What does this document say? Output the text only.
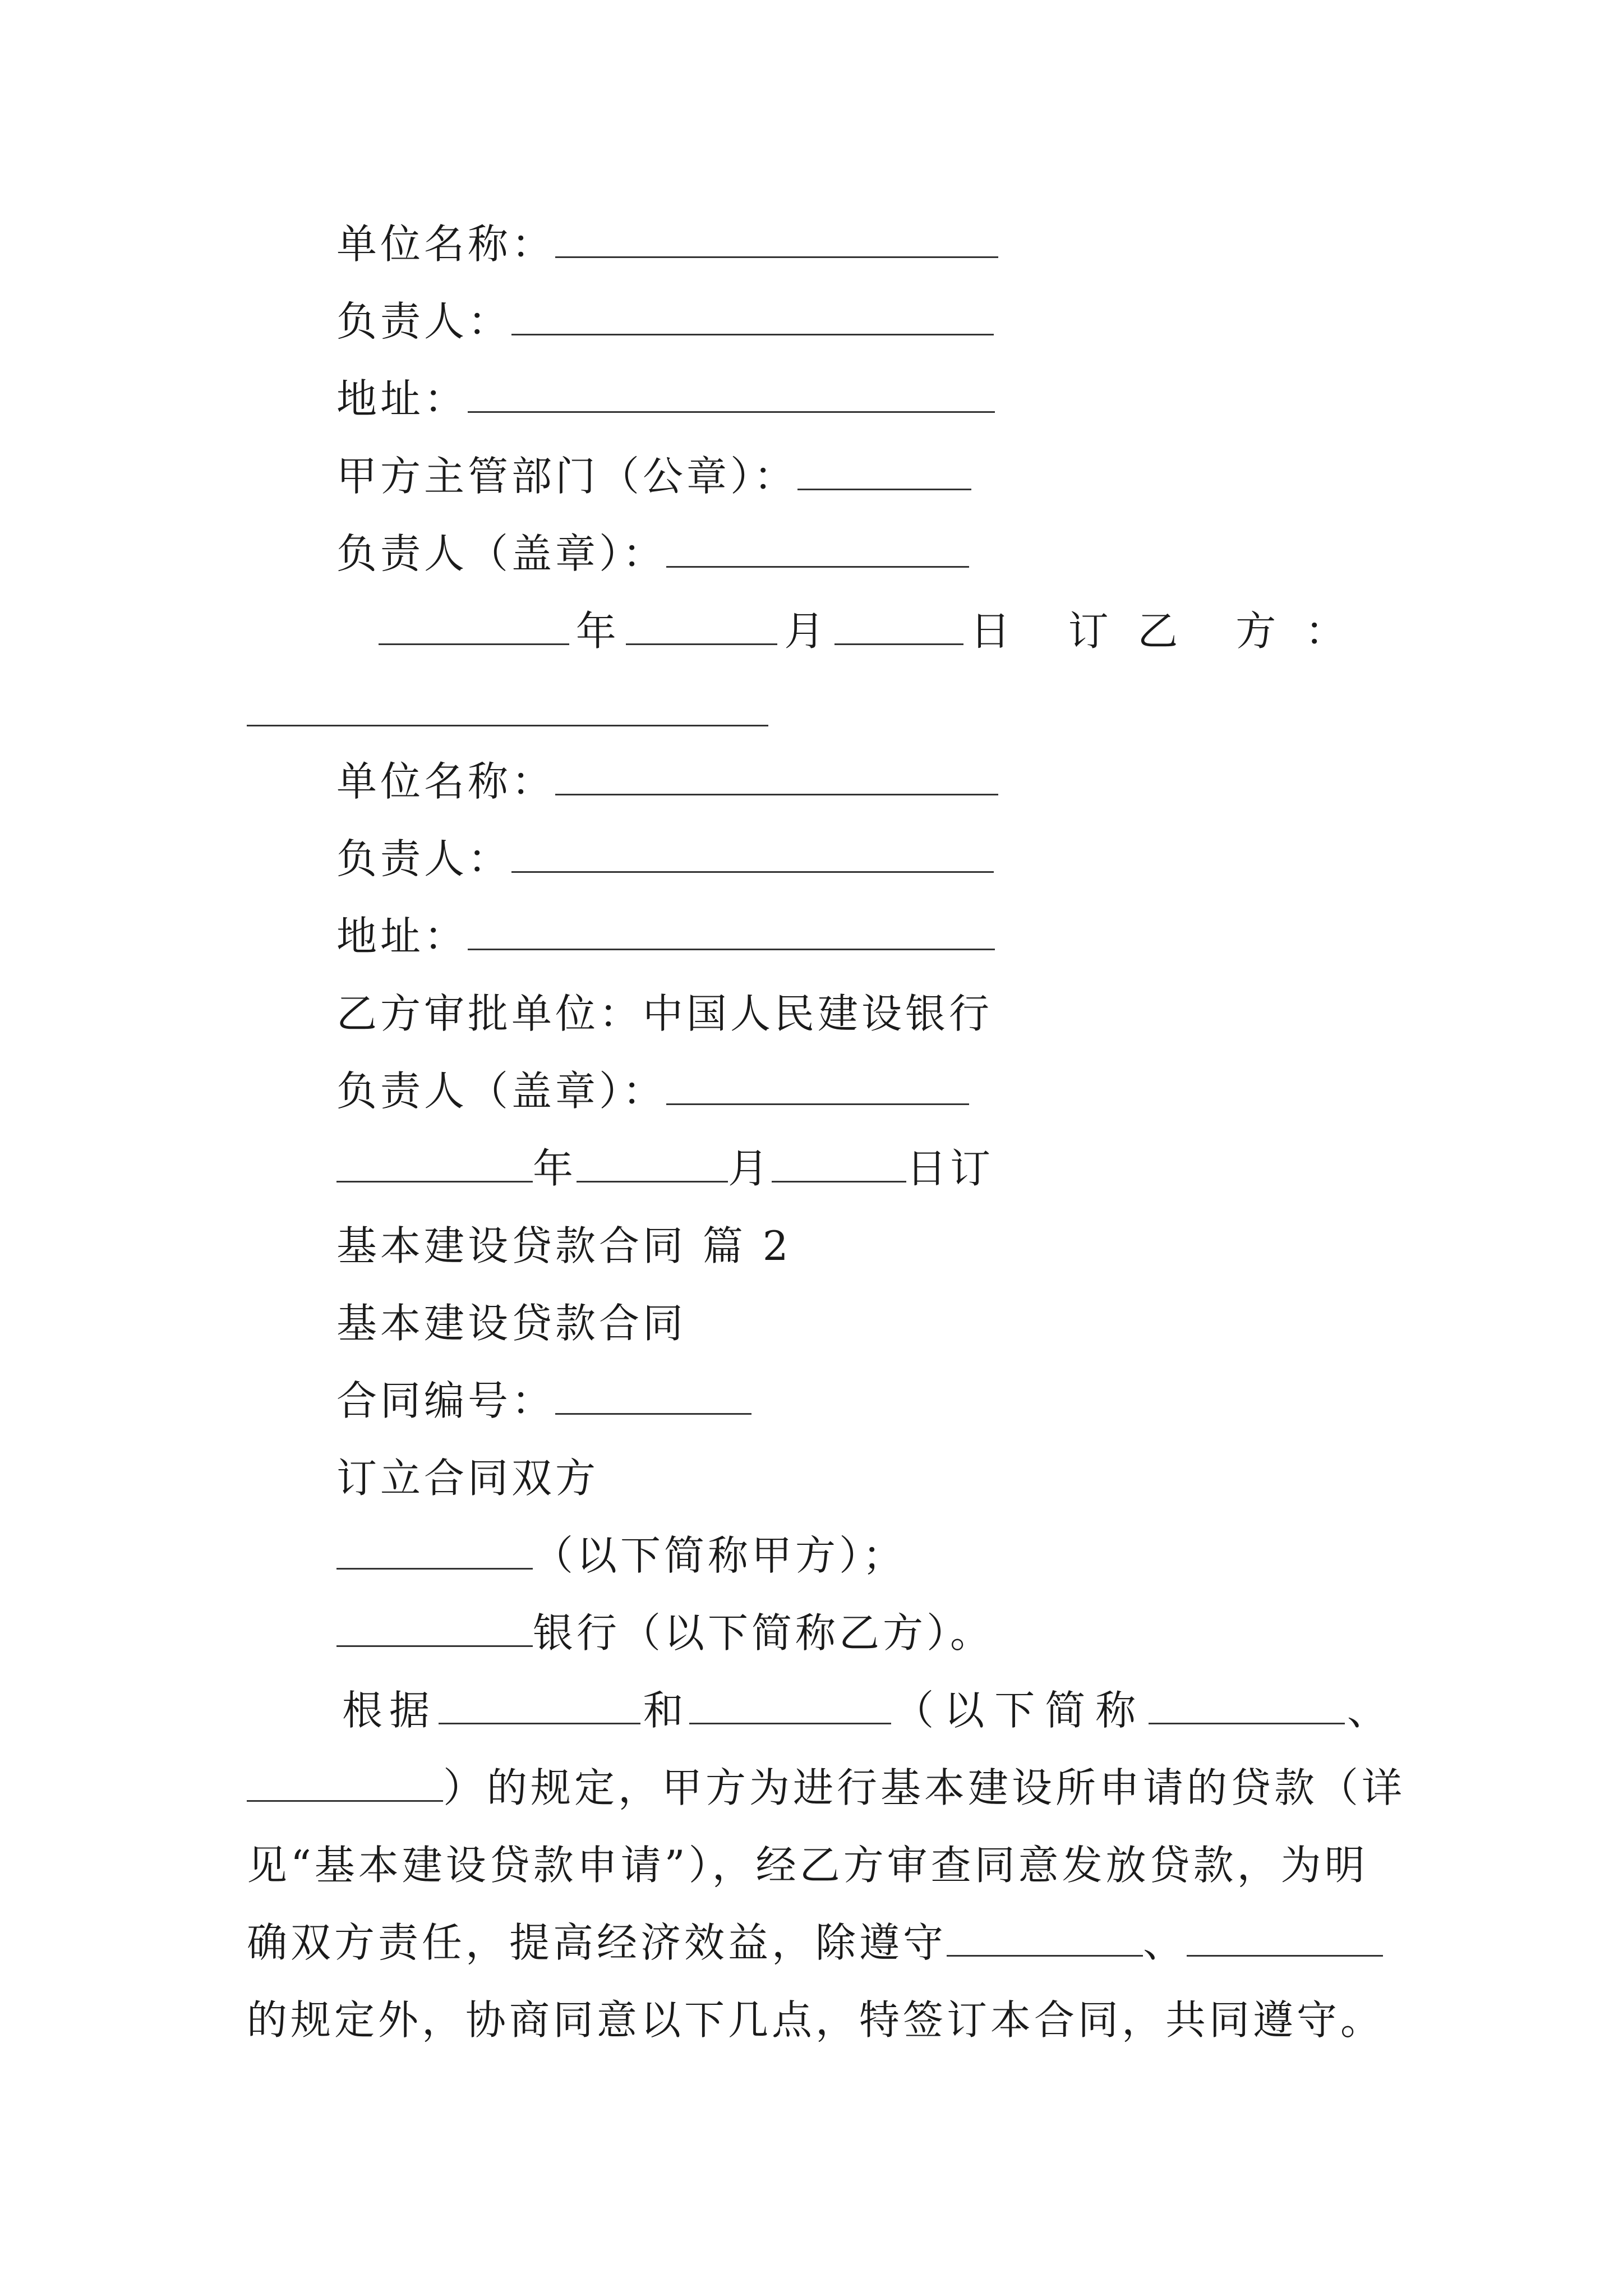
单位名称：
负责人：
地址：
甲方主管部门（公章）：
负责人（盖章）：
年	月	日 订 乙 方 ：
单位名称：
负责人：
地址：
乙方审批单位：中国人民建设银行
负责人（盖章）：
年	月	日订
基本建设贷款合同 篇 2
基本建设贷款合同
合同编号：
订立合同双方
（以下简称甲方）；
银行（以下简称乙方）。
根据	和	（以下简称	、
）的规定，甲方为进行基本建设所申请的贷款（详
见“基本建设贷款申请”），经乙方审查同意发放贷款，为明
确双方责任，提高经济效益，除遵守	、
的规定外，协商同意以下几点，特签订本合同，共同遵守。
